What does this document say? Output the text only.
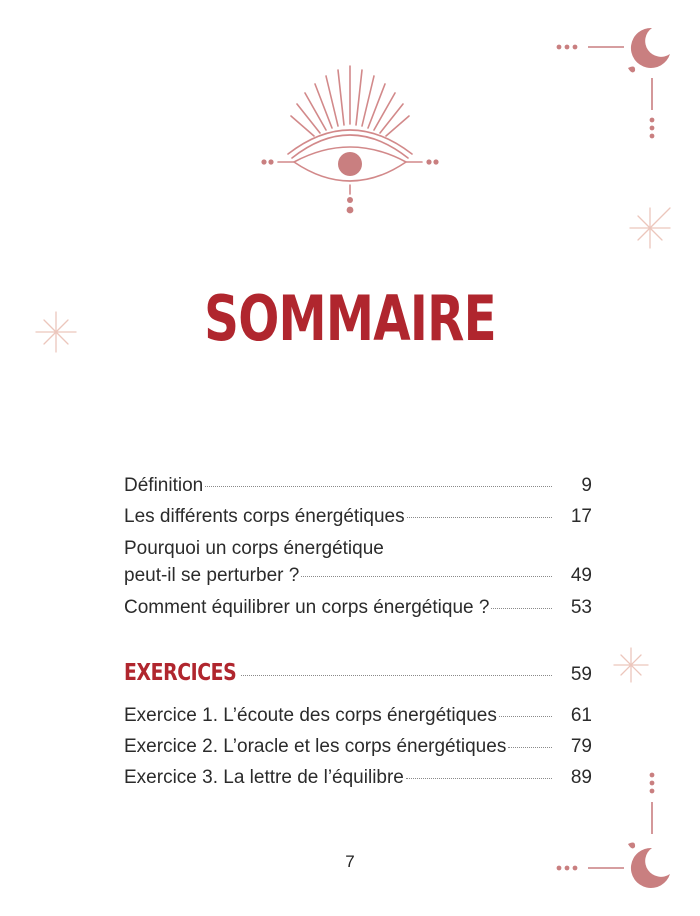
SOMMAIRE
Définition	9
Les différents corps énergétiques	17
Pourquoi un corps énergétique
peut-il se perturber ?	49
Comment équilibrer un corps énergétique ?	53
EXERCICES	59
Exercice 1. L’écoute des corps énergétiques	61
Exercice 2. L’oracle et les corps énergétiques	79
Exercice 3. La lettre de l’équilibre	89
7
